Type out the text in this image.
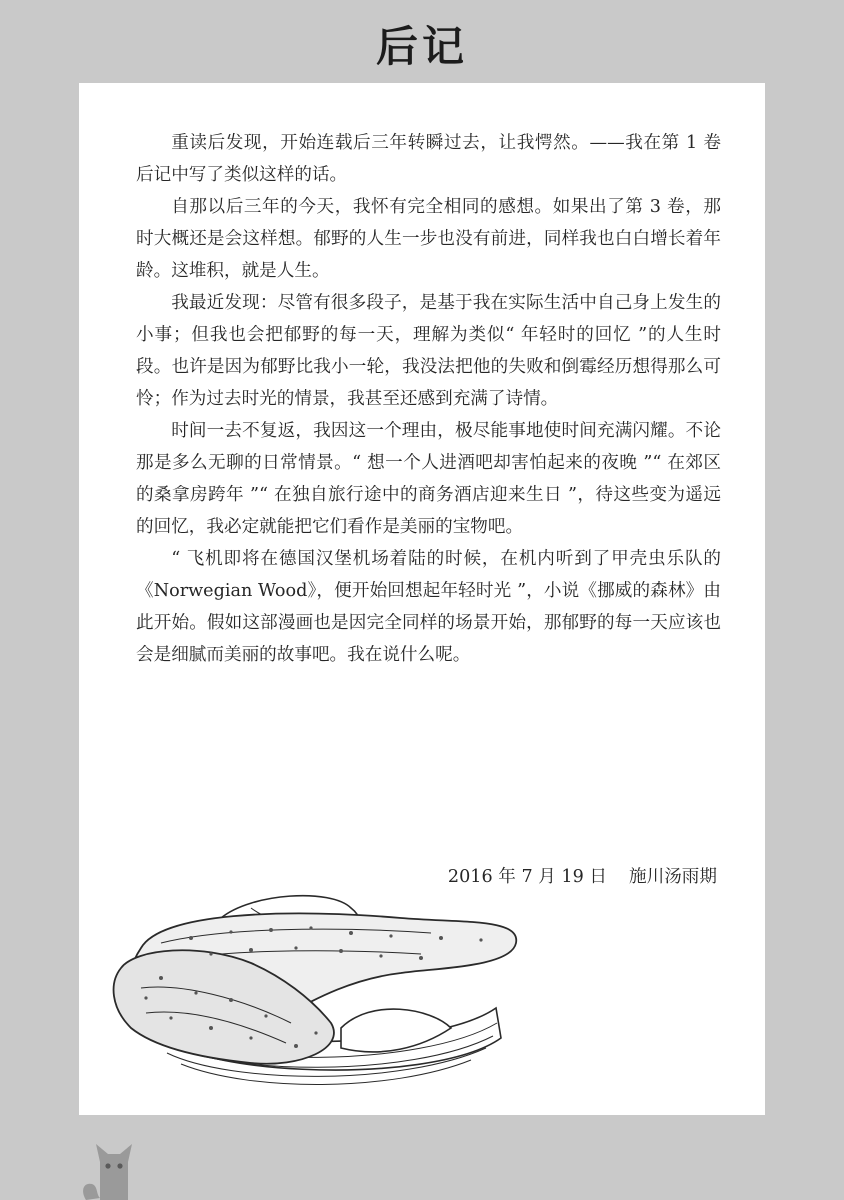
后记

重读后发现，开始连载后三年转瞬过去，让我愕然。——我在第 1 卷后记中写了类似这样的话。

自那以后三年的今天，我怀有完全相同的感想。如果出了第 3 卷，那时大概还是会这样想。郁野的人生一步也没有前进，同样我也白白增长着年龄。这堆积，就是人生。

我最近发现：尽管有很多段子，是基于我在实际生活中自己身上发生的小事；但我也会把郁野的每一天，理解为类似“ 年轻时的回忆 ”的人生时段。也许是因为郁野比我小一轮，我没法把他的失败和倒霉经历想得那么可怜；作为过去时光的情景，我甚至还感到充满了诗情。

时间一去不复返，我因这一个理由，极尽能事地使时间充满闪耀。不论那是多么无聊的日常情景。“ 想一个人进酒吧却害怕起来的夜晚 ”“ 在郊区的桑拿房跨年 ”“ 在独自旅行途中的商务酒店迎来生日 ”，待这些变为遥远的回忆，我必定就能把它们看作是美丽的宝物吧。

“ 飞机即将在德国汉堡机场着陆的时候，在机内听到了甲壳虫乐队的《Norwegian Wood》，便开始回想起年轻时光 ”，小说《挪威的森林》由此开始。假如这部漫画也是因完全同样的场景开始，那郁野的每一天应该也会是细腻而美丽的故事吧。我在说什么呢。

2016 年 7 月 19 日 施川汤雨期
